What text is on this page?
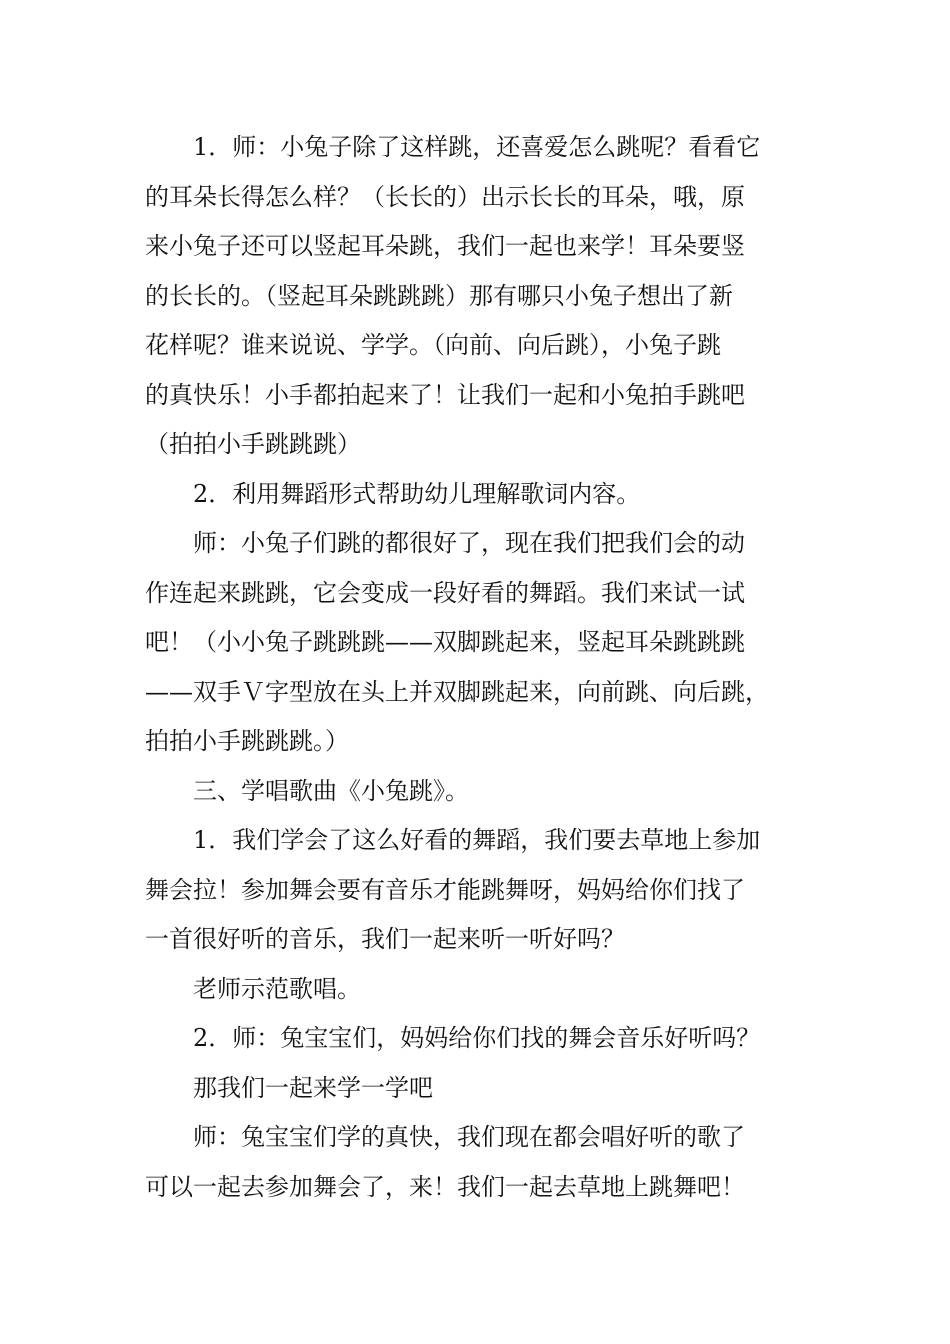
1．师：小兔子除了这样跳，还喜爱怎么跳呢？看看它
的耳朵长得怎么样？（长长的）出示长长的耳朵，哦，原
来小兔子还可以竖起耳朵跳，我们一起也来学！耳朵要竖
的长长的。（竖起耳朵跳跳跳）那有哪只小兔子想出了新
花样呢？谁来说说、学学。（向前、向后跳），小兔子跳
的真快乐！小手都拍起来了！让我们一起和小兔拍手跳吧
（拍拍小手跳跳跳）
2．利用舞蹈形式帮助幼儿理解歌词内容。
师：小兔子们跳的都很好了，现在我们把我们会的动
作连起来跳跳，它会变成一段好看的舞蹈。我们来试一试
吧！（小小兔子跳跳跳——双脚跳起来，竖起耳朵跳跳跳
——双手Ｖ字型放在头上并双脚跳起来，向前跳、向后跳，
拍拍小手跳跳跳。）
三、学唱歌曲《小兔跳》。
1．我们学会了这么好看的舞蹈，我们要去草地上参加
舞会拉！参加舞会要有音乐才能跳舞呀，妈妈给你们找了
一首很好听的音乐，我们一起来听一听好吗？
老师示范歌唱。
2．师：兔宝宝们，妈妈给你们找的舞会音乐好听吗？
那我们一起来学一学吧
师：兔宝宝们学的真快，我们现在都会唱好听的歌了
可以一起去参加舞会了，来！我们一起去草地上跳舞吧！
